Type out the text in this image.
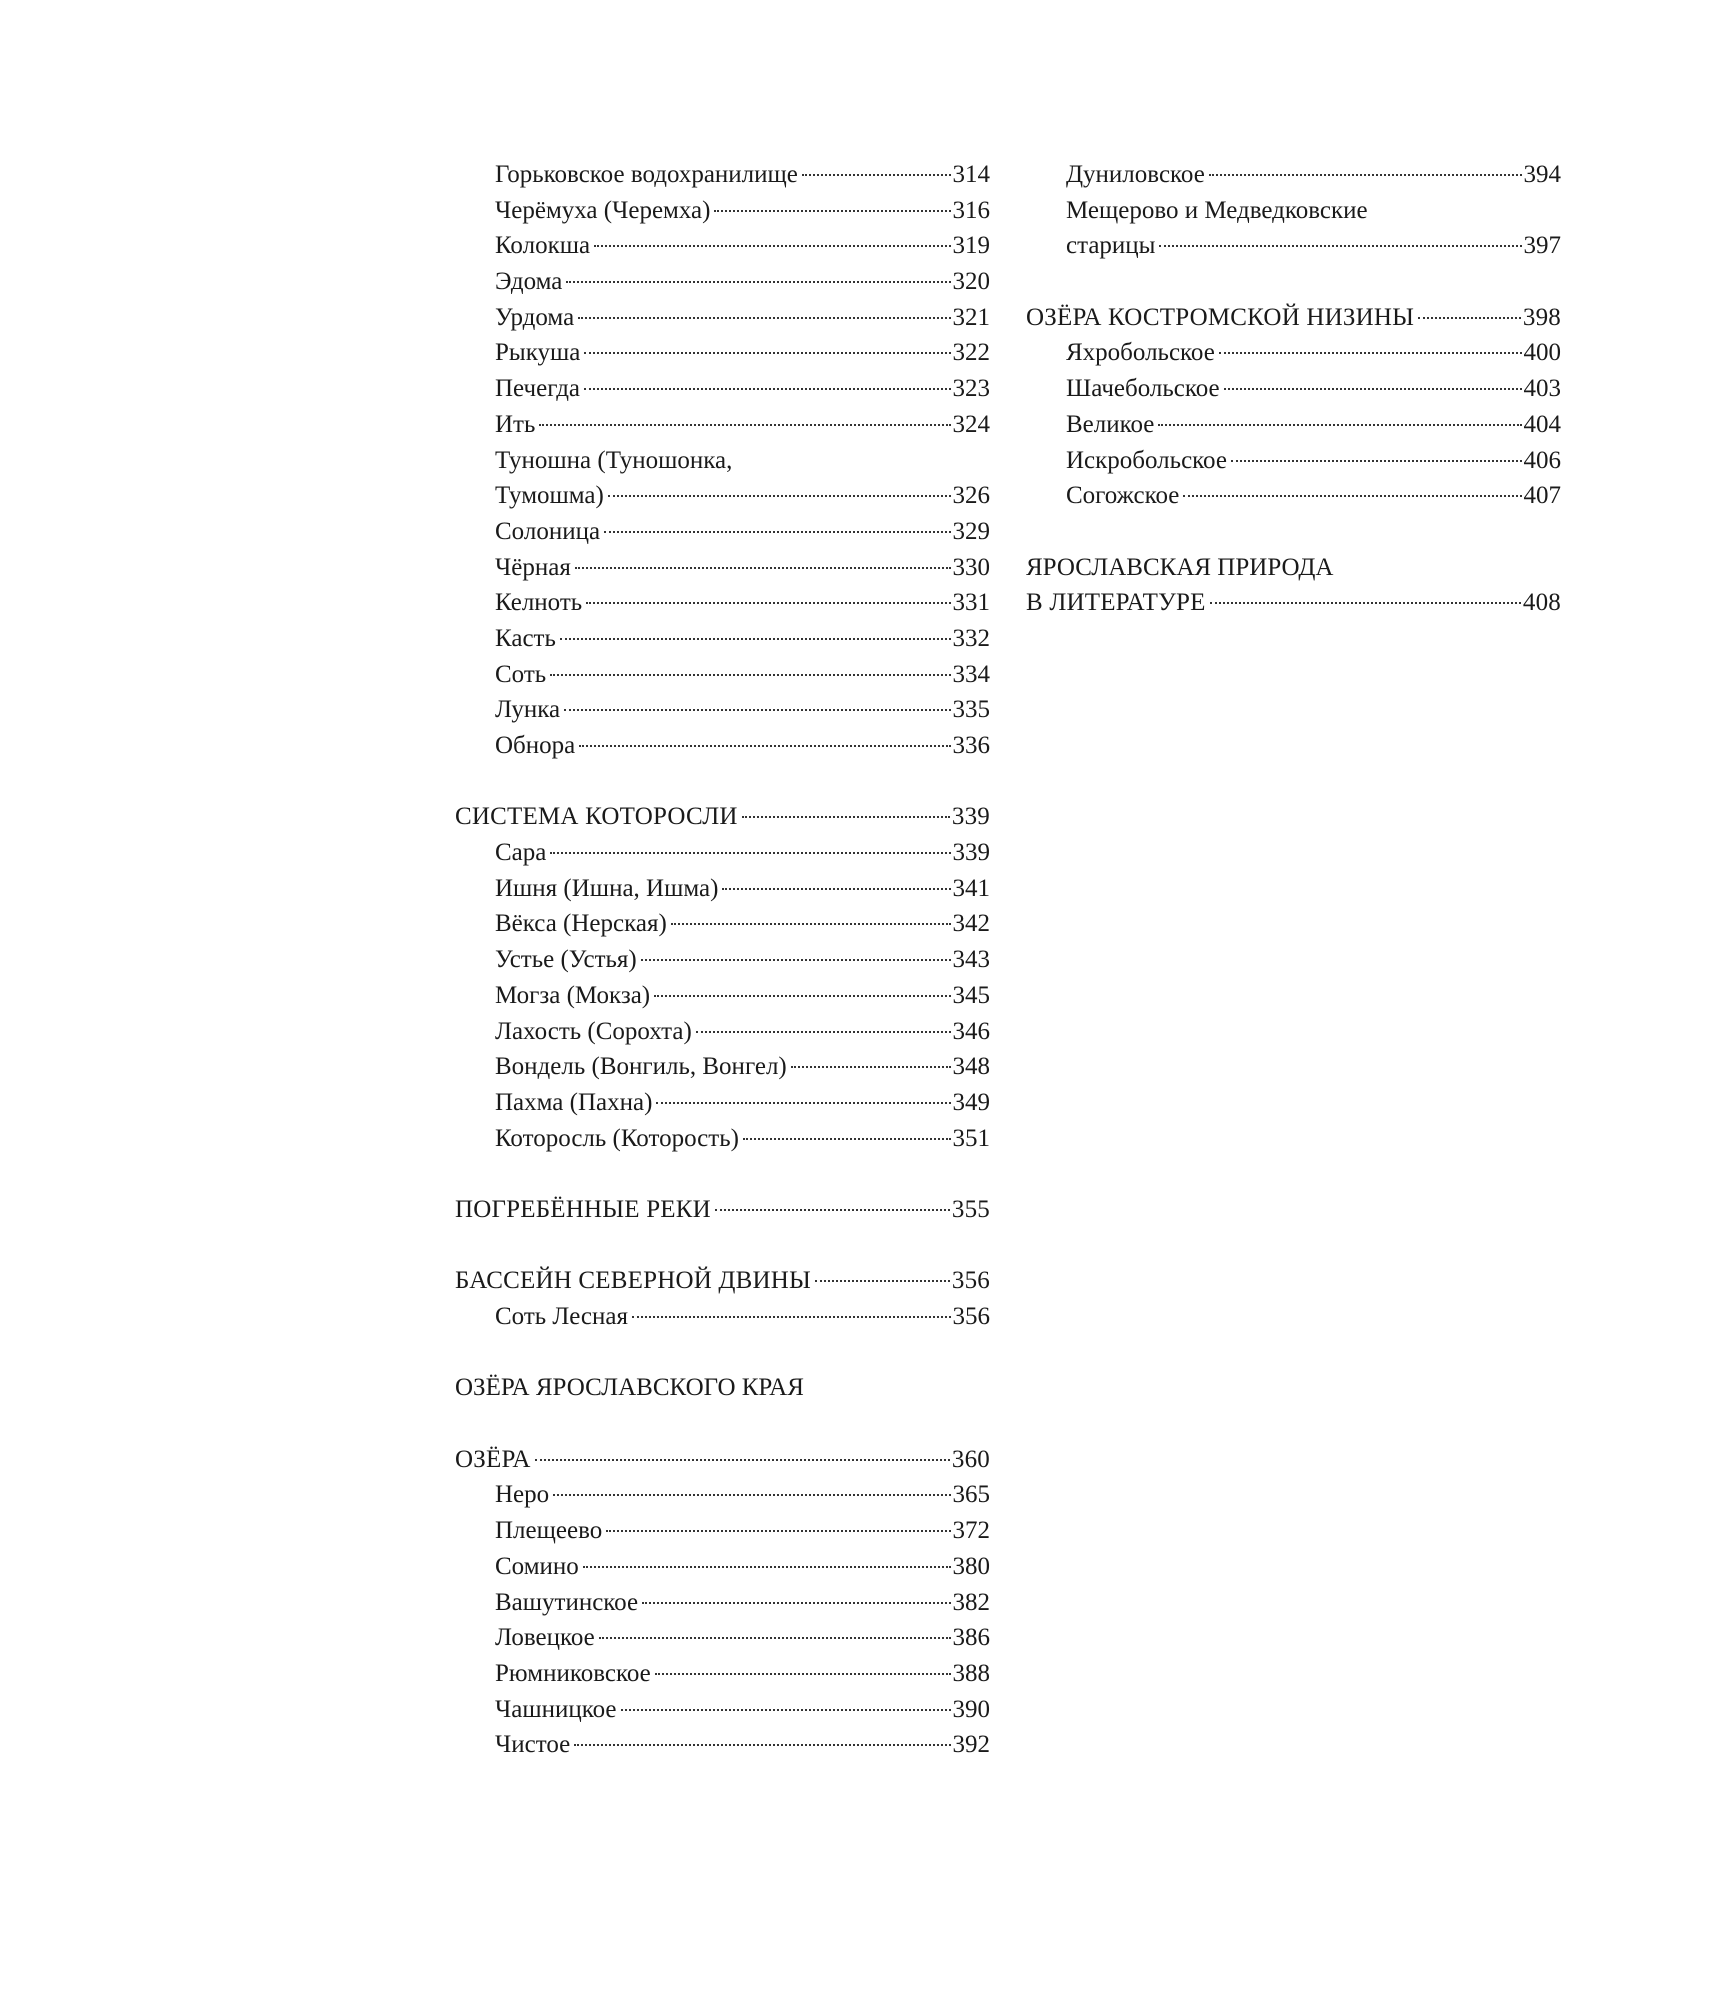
Горьковское водохранилище	314
Черёмуха (Черемха)	316
Колокша	319
Эдома	320
Урдома	321
Рыкуша	322
Печегда	323
Ить	324
Туношна (Туношонка,
Тумошма)	326
Солоница	329
Чёрная	330
Келноть	331
Касть	332
Соть	334
Лунка	335
Обнора	336
СИСТЕМА КОТОРОСЛИ	339
Сара	339
Ишня (Ишна, Ишма)	341
Вёкса (Нерская)	342
Устье (Устья)	343
Могза (Мокза)	345
Лахость (Сорохта)	346
Вондель (Вонгиль, Вонгел)	348
Пахма (Пахна)	349
Которосль (Которость)	351
ПОГРЕБЁННЫЕ РЕКИ	355
БАССЕЙН СЕВЕРНОЙ ДВИНЫ	356
Соть Лесная	356
ОЗЁРА ЯРОСЛАВСКОГО КРАЯ
ОЗЁРА	360
Неро	365
Плещеево	372
Сомино	380
Вашутинское	382
Ловецкое	386
Рюмниковское	388
Чашницкое	390
Чистое	392
Дуниловское	394
Мещерово и Медведковские
старицы	397
ОЗЁРА КОСТРОМСКОЙ НИЗИНЫ	398
Яхробольское	400
Шачебольское	403
Великое	404
Искробольское	406
Согожское	407
ЯРОСЛАВСКАЯ ПРИРОДА
В ЛИТЕРАТУРЕ	408
